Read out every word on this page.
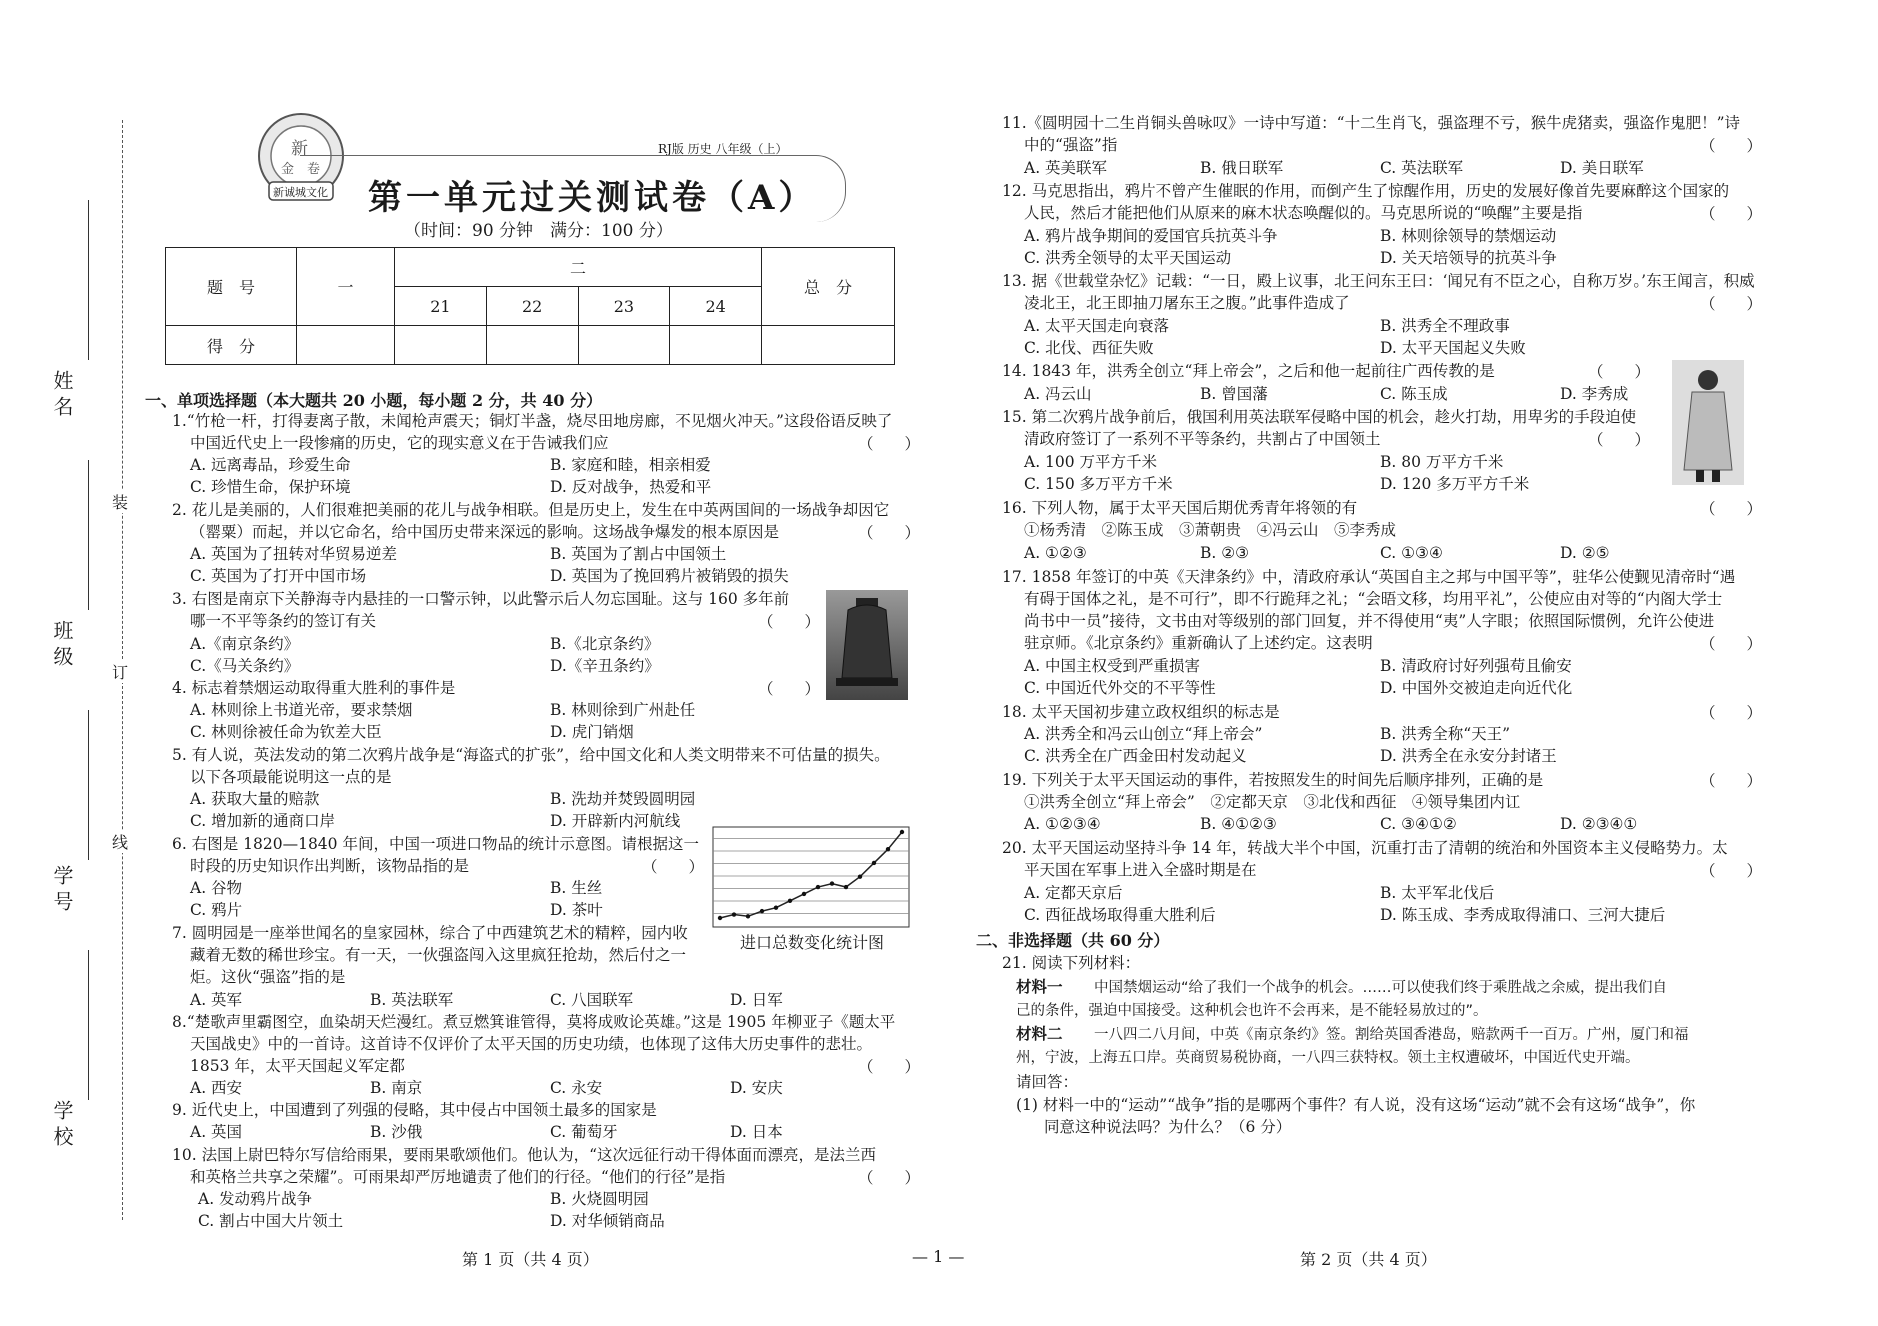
姓名
班级
学号
学校
装
订
线
新
金 卷
新诚城文化
RJ版 历史 八年级（上）
第一单元过关测试卷（A）
（时间：90 分钟　满分：100 分）
题　号	一	二				总　分
		21	22	23	24	
得　分						
一、单项选择题（本大题共 20 小题，每小题 2 分，共 40 分）
1.“竹枪一杆，打得妻离子散，未闻枪声震天；铜灯半盏，烧尽田地房廊，不见烟火冲天。”这段俗语反映了
中国近代史上一段惨痛的历史，它的现实意义在于告诫我们应	（　　）
A. 远离毒品，珍爱生命	B. 家庭和睦，相亲相爱
C. 珍惜生命，保护环境	D. 反对战争，热爱和平
2. 花儿是美丽的，人们很难把美丽的花儿与战争相联。但是历史上，发生在中英两国间的一场战争却因它
（罂粟）而起，并以它命名，给中国历史带来深远的影响。这场战争爆发的根本原因是	（　　）
A. 英国为了扭转对华贸易逆差	B. 英国为了割占中国领土
C. 英国为了打开中国市场	D. 英国为了挽回鸦片被销毁的损失
3. 右图是南京下关静海寺内悬挂的一口警示钟，以此警示后人勿忘国耻。这与 160 多年前
哪一不平等条约的签订有关	（　　）
A.《南京条约》	B.《北京条约》
C.《马关条约》	D.《辛丑条约》
4. 标志着禁烟运动取得重大胜利的事件是	（　　）
A. 林则徐上书道光帝，要求禁烟	B. 林则徐到广州赴任
C. 林则徐被任命为钦差大臣	D. 虎门销烟
5. 有人说，英法发动的第二次鸦片战争是“海盗式的扩张”，给中国文化和人类文明带来不可估量的损失。
以下各项最能说明这一点的是
A. 获取大量的赔款	B. 洗劫并焚毁圆明园
C. 增加新的通商口岸	D. 开辟新内河航线
6. 右图是 1820—1840 年间，中国一项进口物品的统计示意图。请根据这一
时段的历史知识作出判断，该物品指的是	（　　）
A. 谷物	B. 生丝
C. 鸦片	D. 茶叶
进口总数变化统计图
7. 圆明园是一座举世闻名的皇家园林，综合了中西建筑艺术的精粹，园内收
藏着无数的稀世珍宝。有一天，一伙强盗闯入这里疯狂抢劫，然后付之一
炬。这伙“强盗”指的是
A. 英军	B. 英法联军	C. 八国联军	D. 日军
8.“楚歌声里霸图空，血染胡天烂漫红。煮豆燃箕谁管得，莫将成败论英雄。”这是 1905 年柳亚子《题太平
天国战史》中的一首诗。这首诗不仅评价了太平天国的历史功绩，也体现了这伟大历史事件的悲壮。
1853 年，太平天国起义军定都	（　　）
A. 西安	B. 南京	C. 永安	D. 安庆
9. 近代史上，中国遭到了列强的侵略，其中侵占中国领土最多的国家是
A. 英国	B. 沙俄	C. 葡萄牙	D. 日本
10. 法国上尉巴特尔写信给雨果，要雨果歌颂他们。他认为，“这次远征行动干得体面而漂亮，是法兰西
和英格兰共享之荣耀”。可雨果却严厉地谴责了他们的行径。“他们的行径”是指	（　　）
A. 发动鸦片战争	B. 火烧圆明园
C. 割占中国大片领土	D. 对华倾销商品
11.《圆明园十二生肖铜头兽咏叹》一诗中写道：“十二生肖飞，强盗理不亏，猴牛虎猪卖，强盗作鬼肥！”诗
中的“强盗”指	（　　）
A. 英美联军	B. 俄日联军	C. 英法联军	D. 美日联军
12. 马克思指出，鸦片不曾产生催眠的作用，而倒产生了惊醒作用，历史的发展好像首先要麻醉这个国家的
人民，然后才能把他们从原来的麻木状态唤醒似的。马克思所说的“唤醒”主要是指	（　　）
A. 鸦片战争期间的爱国官兵抗英斗争	B. 林则徐领导的禁烟运动
C. 洪秀全领导的太平天国运动	D. 关天培领导的抗英斗争
13. 据《世载堂杂忆》记载：“一日，殿上议事，北王问东王曰：‘闻兄有不臣之心，自称万岁。’东王闻言，积威
凌北王，北王即抽刀屠东王之腹。”此事件造成了	（　　）
A. 太平天国走向衰落	B. 洪秀全不理政事
C. 北伐、西征失败	D. 太平天国起义失败
14. 1843 年，洪秀全创立“拜上帝会”，之后和他一起前往广西传教的是	（　　）
A. 冯云山	B. 曾国藩	C. 陈玉成	D. 李秀成
15. 第二次鸦片战争前后，俄国利用英法联军侵略中国的机会，趁火打劫，用卑劣的手段迫使
清政府签订了一系列不平等条约，共割占了中国领土	（　　）
A. 100 万平方千米	B. 80 万平方千米
C. 150 多万平方千米	D. 120 多万平方千米
16. 下列人物，属于太平天国后期优秀青年将领的有	（　　）
①杨秀清　②陈玉成　③萧朝贵　④冯云山　⑤李秀成
A. ①②③	B. ②③	C. ①③④	D. ②⑤
17. 1858 年签订的中英《天津条约》中，清政府承认“英国自主之邦与中国平等”，驻华公使觐见清帝时“遇
有碍于国体之礼，是不可行”，即不行跪拜之礼；“会晤文移，均用平礼”，公使应由对等的“内阁大学士
尚书中一员”接待，文书由对等级别的部门回复，并不得使用“夷”人字眼；依照国际惯例，允许公使进
驻京师。《北京条约》重新确认了上述约定。这表明	（　　）
A. 中国主权受到严重损害	B. 清政府讨好列强苟且偷安
C. 中国近代外交的不平等性	D. 中国外交被迫走向近代化
18. 太平天国初步建立政权组织的标志是	（　　）
A. 洪秀全和冯云山创立“拜上帝会”	B. 洪秀全称“天王”
C. 洪秀全在广西金田村发动起义	D. 洪秀全在永安分封诸王
19. 下列关于太平天国运动的事件，若按照发生的时间先后顺序排列，正确的是	（　　）
①洪秀全创立“拜上帝会”　②定都天京　③北伐和西征　④领导集团内讧
A. ①②③④	B. ④①②③	C. ③④①②	D. ②③④①
20. 太平天国运动坚持斗争 14 年，转战大半个中国，沉重打击了清朝的统治和外国资本主义侵略势力。太
平天国在军事上进入全盛时期是在	（　　）
A. 定都天京后	B. 太平军北伐后
C. 西征战场取得重大胜利后	D. 陈玉成、李秀成取得浦口、三河大捷后
二、非选择题（共 60 分）
21. 阅读下列材料：
材料一 中国禁烟运动“给了我们一个战争的机会。……可以使我们终于乘胜战之余威，提出我们自
己的条件，强迫中国接受。这种机会也许不会再来，是不能轻易放过的”。
材料二 一八四二八月间，中英《南京条约》签。割给英国香港岛，赔款两千一百万。广州，厦门和福
州，宁波，上海五口岸。英商贸易税协商，一八四三获特权。领土主权遭破坏，中国近代史开端。
请回答：
(1) 材料一中的“运动”“战争”指的是哪两个事件？有人说，没有这场“运动”就不会有这场“战争”，你
同意这种说法吗？为什么？（6 分）
第 1 页（共 4 页）	— 1 —	第 2 页（共 4 页）
